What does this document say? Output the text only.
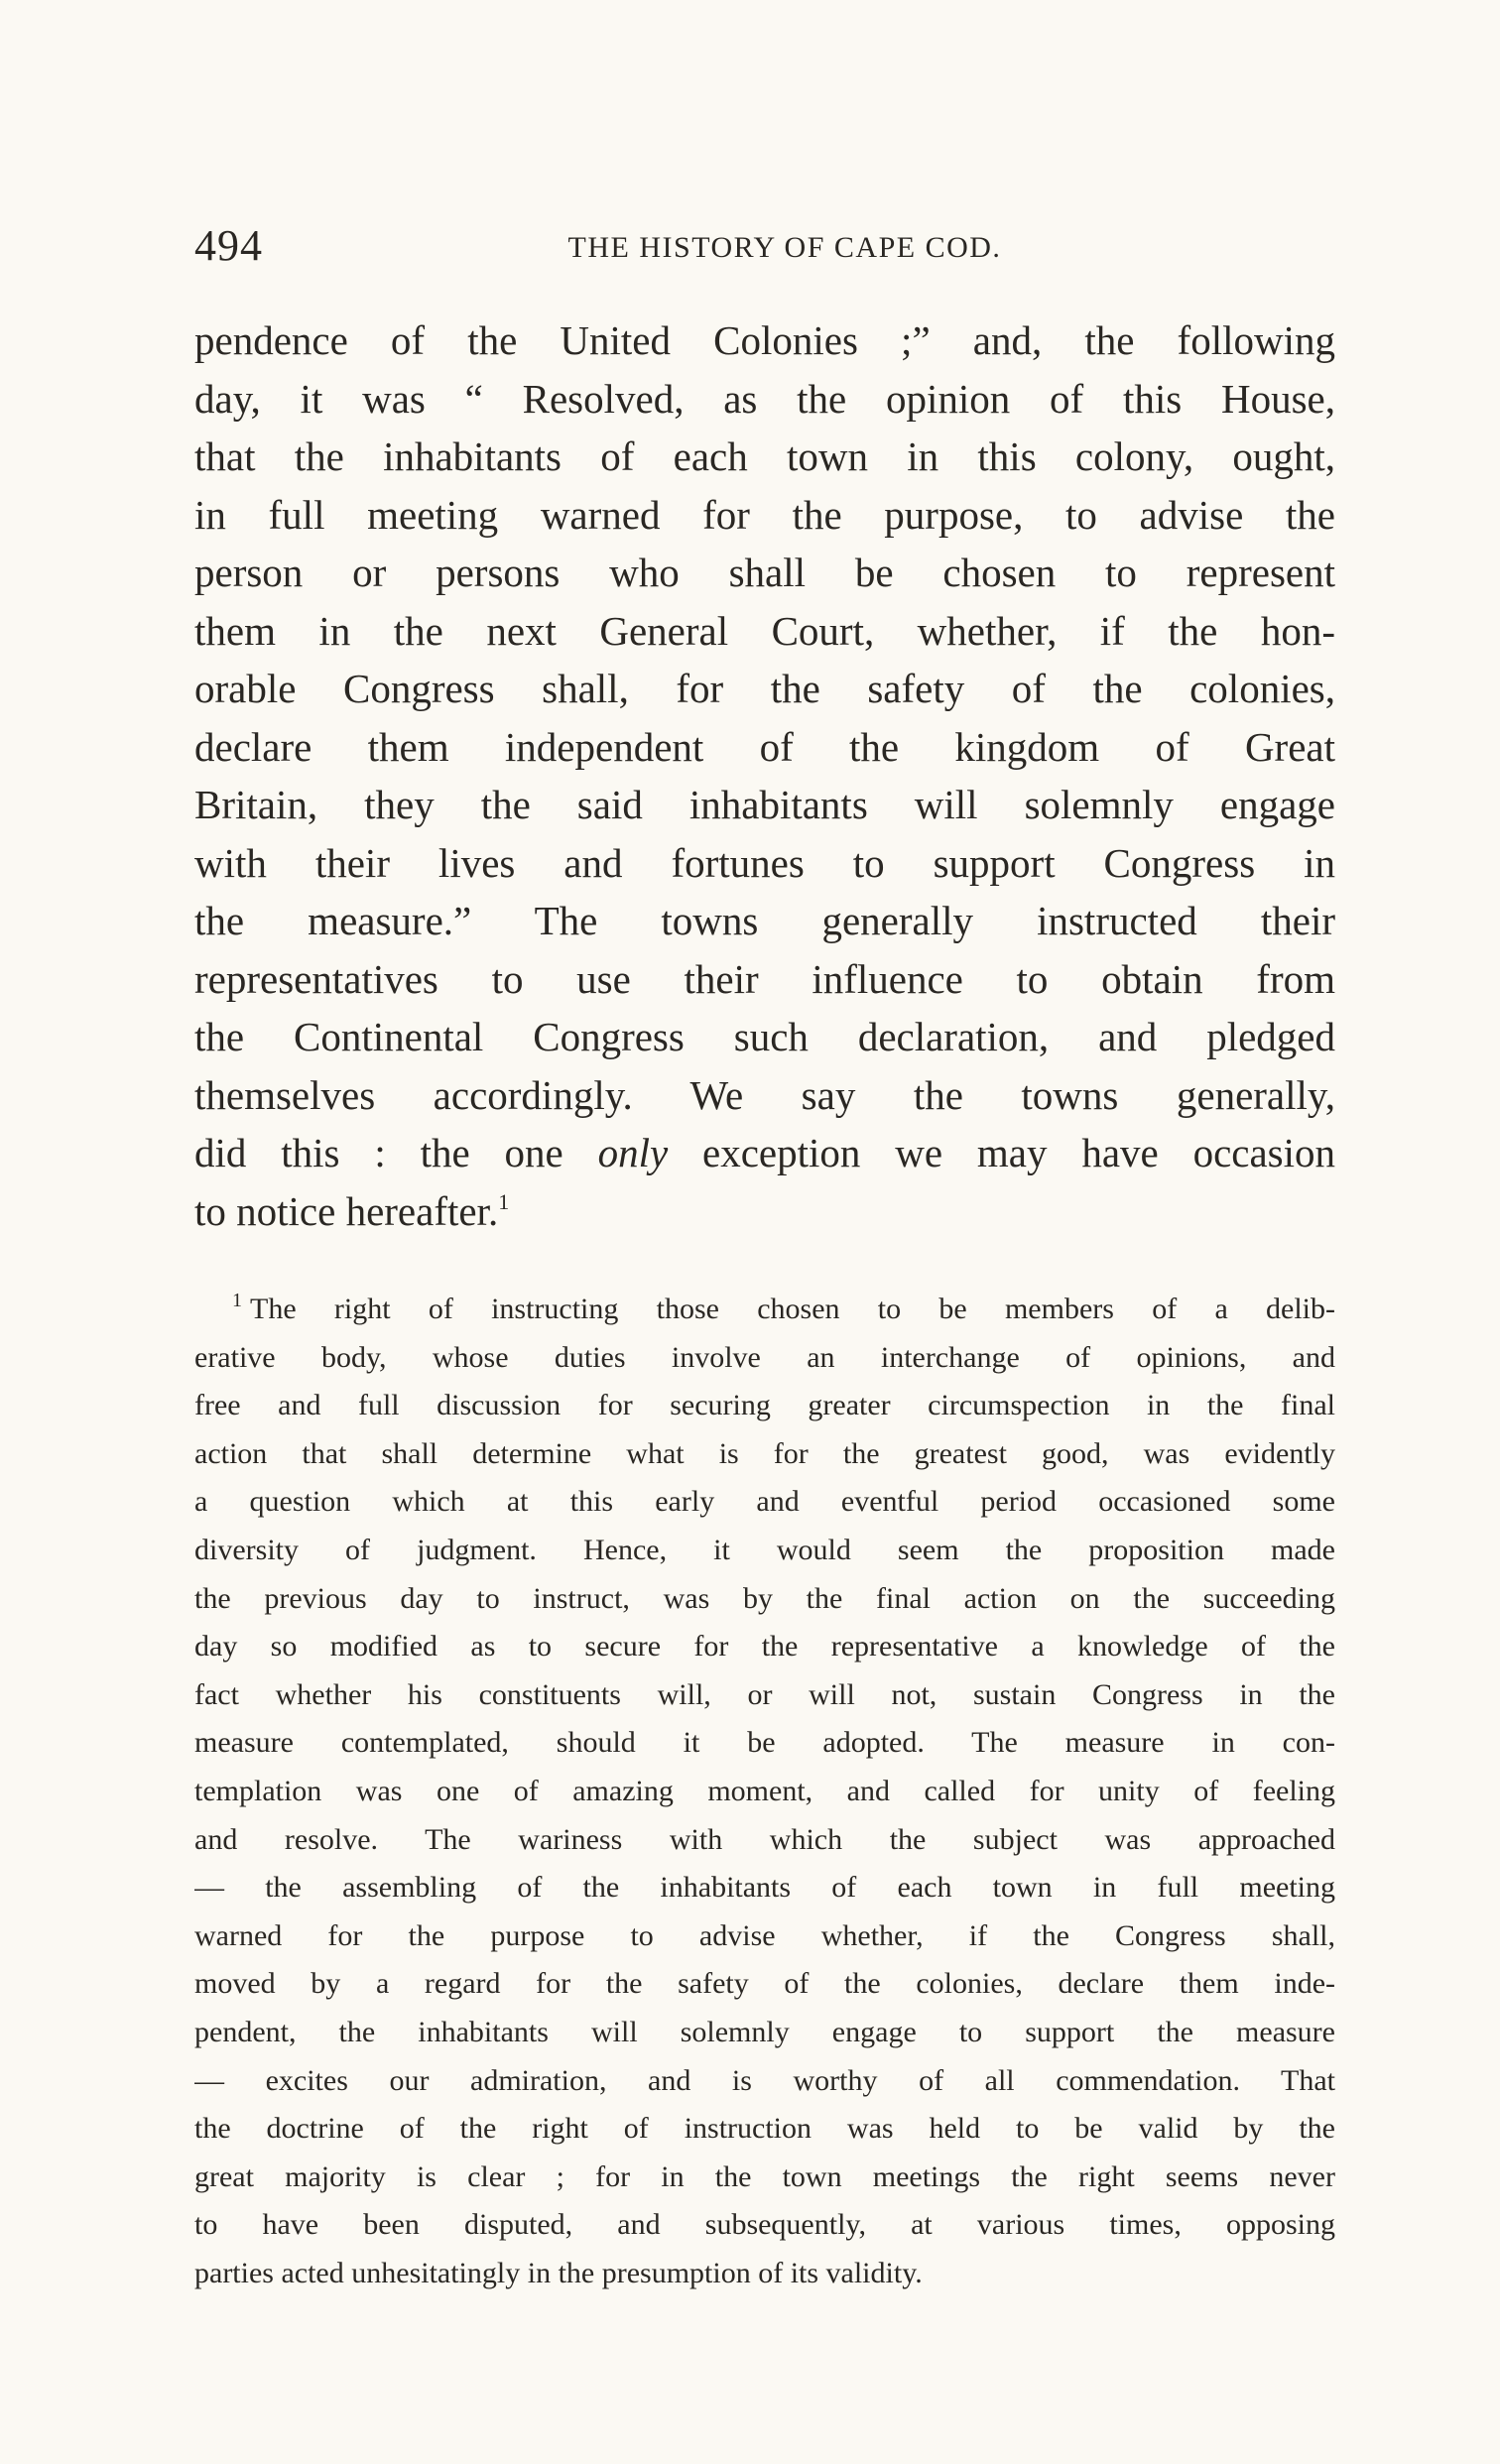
494	THE HISTORY OF CAPE COD.
pendence of the United Colonies ;” and, the following
day, it was “ Resolved, as the opinion of this House,
that the inhabitants of each town in this colony, ought,
in full meeting warned for the purpose, to advise the
person or persons who shall be chosen to represent
them in the next General Court, whether, if the hon-
orable Congress shall, for the safety of the colonies,
declare them independent of the kingdom of Great
Britain, they the said inhabitants will solemnly engage
with their lives and fortunes to support Congress in
the measure.” The towns generally instructed their
representatives to use their influence to obtain from
the Continental Congress such declaration, and pledged
themselves accordingly. We say the towns generally,
did this : the one only exception we may have occasion
to notice hereafter.$^1$
$^1$ The right of instructing those chosen to be members of a delib-
erative body, whose duties involve an interchange of opinions, and
free and full discussion for securing greater circumspection in the final
action that shall determine what is for the greatest good, was evidently
a question which at this early and eventful period occasioned some
diversity of judgment. Hence, it would seem the proposition made
the previous day to instruct, was by the final action on the succeeding
day so modified as to secure for the representative a knowledge of the
fact whether his constituents will, or will not, sustain Congress in the
measure contemplated, should it be adopted. The measure in con-
templation was one of amazing moment, and called for unity of feeling
and resolve. The wariness with which the subject was approached
— the assembling of the inhabitants of each town in full meeting
warned for the purpose to advise whether, if the Congress shall,
moved by a regard for the safety of the colonies, declare them inde-
pendent, the inhabitants will solemnly engage to support the measure
— excites our admiration, and is worthy of all commendation. That
the doctrine of the right of instruction was held to be valid by the
great majority is clear ; for in the town meetings the right seems never
to have been disputed, and subsequently, at various times, opposing
parties acted unhesitatingly in the presumption of its validity.
